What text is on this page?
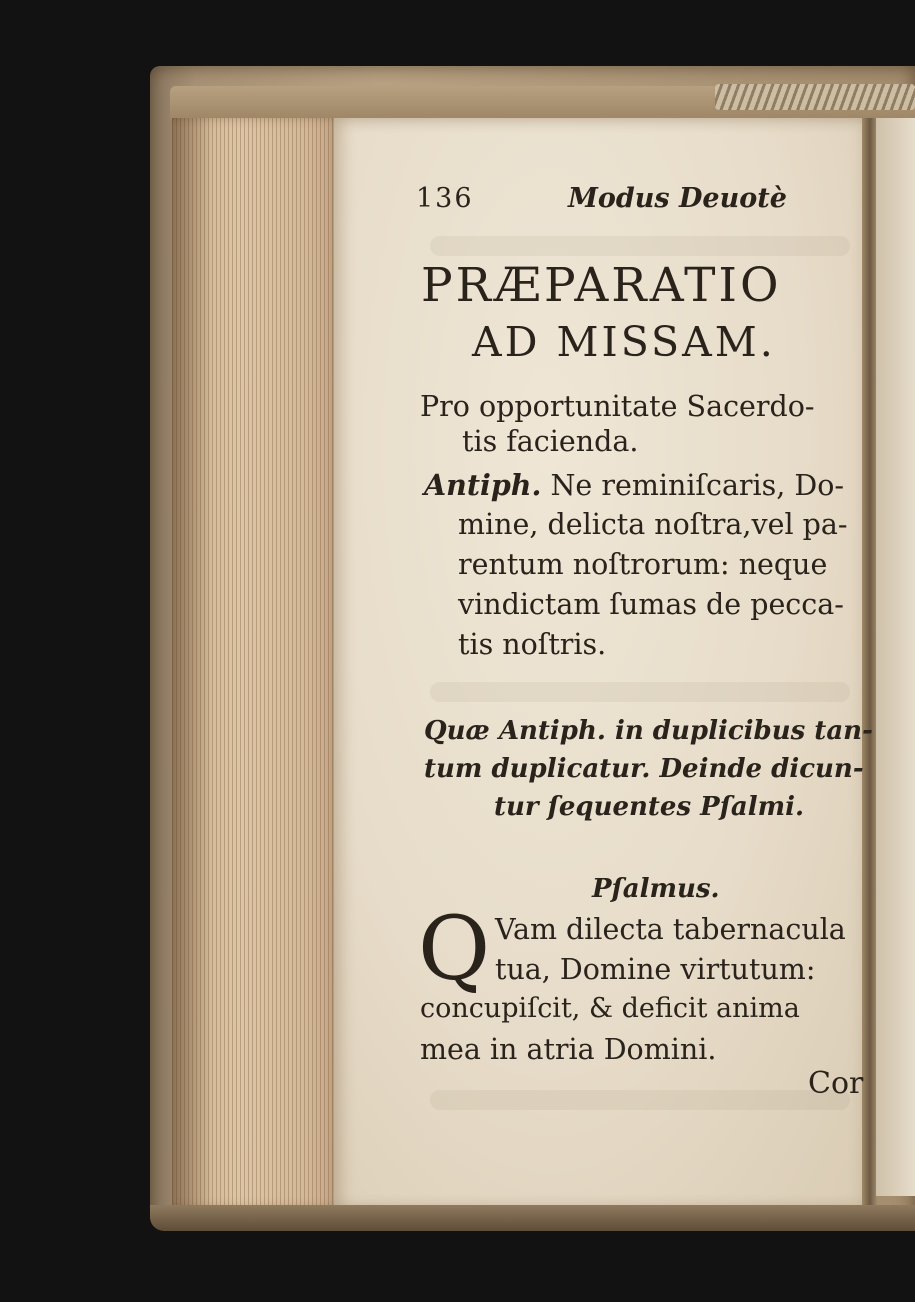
136	Modus Deuotè
PRÆPARATIO
AD MISSAM.
Pro opportunitate Sacerdo-
tis facienda.
Antiph. Ne reminiſcaris, Do-
mine, delicta noſtra,vel pa-
rentum noſtrorum: neque
vindictam ſumas de pecca-
tis noſtris.
Quæ Antiph. in duplicibus tan-
tum duplicatur. Deinde dicun-
tur ſequentes Pſalmi.
Pſalmus.
Q Vam dilecta tabernacula
tua, Domine virtutum:
concupiſcit, & deficit anima
mea in atria Domini.
Cor
